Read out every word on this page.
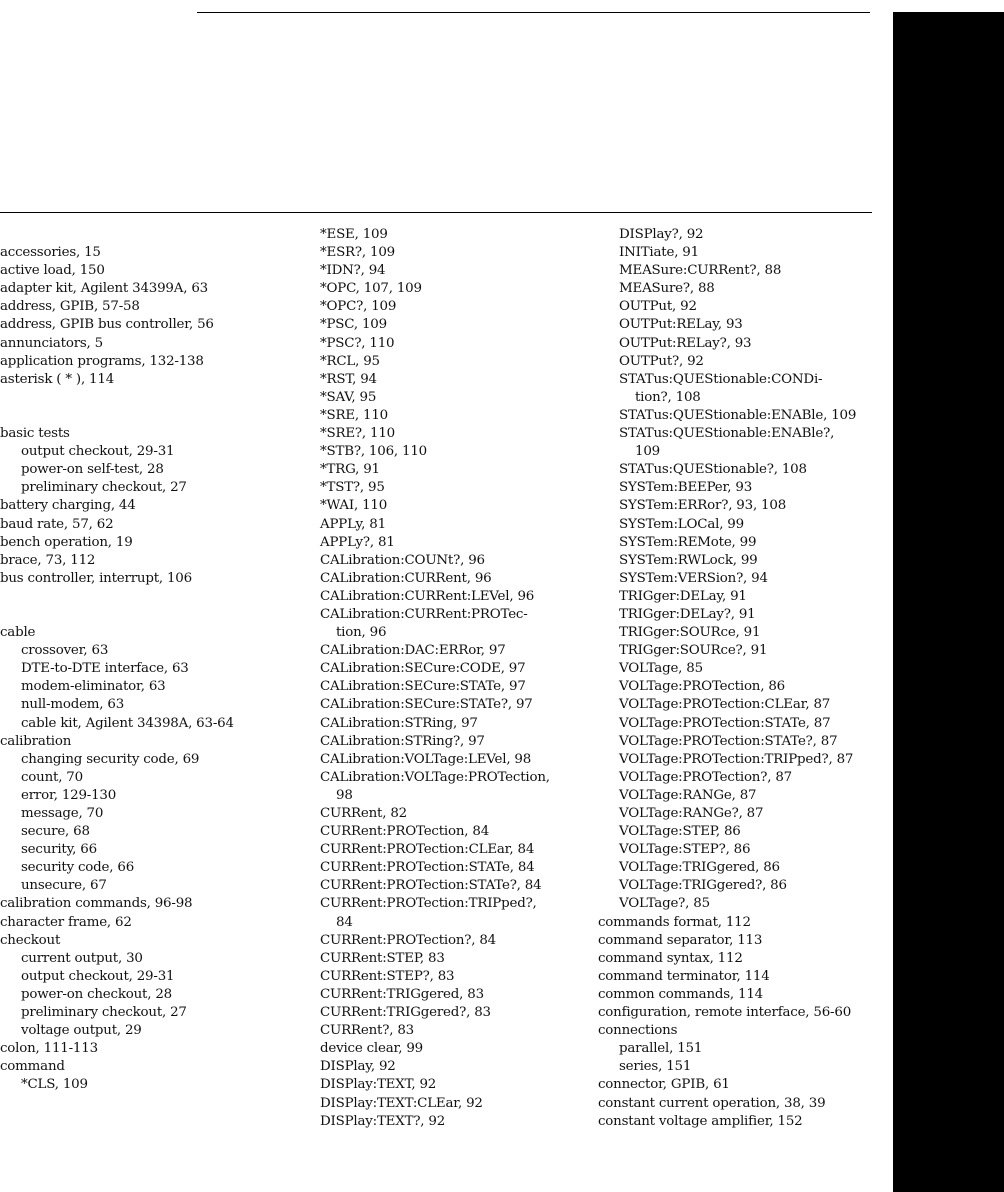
accessories, 15
active load, 150
adapter kit, Agilent 34399A, 63
address, GPIB, 57-58
address, GPIB bus controller, 56
annunciators, 5
application programs, 132-138
asterisk ( * ), 114
basic tests
output checkout, 29-31
power-on self-test, 28
preliminary checkout, 27
battery charging, 44
baud rate, 57, 62
bench operation, 19
brace, 73, 112
bus controller, interrupt, 106
cable
crossover, 63
DTE-to-DTE interface, 63
modem-eliminator, 63
null-modem, 63
cable kit, Agilent 34398A, 63-64
calibration
changing security code, 69
count, 70
error, 129-130
message, 70
secure, 68
security, 66
security code, 66
unsecure, 67
calibration commands, 96-98
character frame, 62
checkout
current output, 30
output checkout, 29-31
power-on checkout, 28
preliminary checkout, 27
voltage output, 29
colon, 111-113
command
*CLS, 109
*ESE, 109
*ESR?, 109
*IDN?, 94
*OPC, 107, 109
*OPC?, 109
*PSC, 109
*PSC?, 110
*RCL, 95
*RST, 94
*SAV, 95
*SRE, 110
*SRE?, 110
*STB?, 106, 110
*TRG, 91
*TST?, 95
*WAI, 110
APPLy, 81
APPLy?, 81
CALibration:COUNt?, 96
CALibration:CURRent, 96
CALibration:CURRent:LEVel, 96
CALibration:CURRent:PROTec-
tion, 96
CALibration:DAC:ERRor, 97
CALibration:SECure:CODE, 97
CALibration:SECure:STATe, 97
CALibration:SECure:STATe?, 97
CALibration:STRing, 97
CALibration:STRing?, 97
CALibration:VOLTage:LEVel, 98
CALibration:VOLTage:PROTection,
98
CURRent, 82
CURRent:PROTection, 84
CURRent:PROTection:CLEar, 84
CURRent:PROTection:STATe, 84
CURRent:PROTection:STATe?, 84
CURRent:PROTection:TRIPped?,
84
CURRent:PROTection?, 84
CURRent:STEP, 83
CURRent:STEP?, 83
CURRent:TRIGgered, 83
CURRent:TRIGgered?, 83
CURRent?, 83
device clear, 99
DISPlay, 92
DISPlay:TEXT, 92
DISPlay:TEXT:CLEar, 92
DISPlay:TEXT?, 92
DISPlay?, 92
INITiate, 91
MEASure:CURRent?, 88
MEASure?, 88
OUTPut, 92
OUTPut:RELay, 93
OUTPut:RELay?, 93
OUTPut?, 92
STATus:QUEStionable:CONDi-
tion?, 108
STATus:QUEStionable:ENABle, 109
STATus:QUEStionable:ENABle?,
109
STATus:QUEStionable?, 108
SYSTem:BEEPer, 93
SYSTem:ERRor?, 93, 108
SYSTem:LOCal, 99
SYSTem:REMote, 99
SYSTem:RWLock, 99
SYSTem:VERSion?, 94
TRIGger:DELay, 91
TRIGger:DELay?, 91
TRIGger:SOURce, 91
TRIGger:SOURce?, 91
VOLTage, 85
VOLTage:PROTection, 86
VOLTage:PROTection:CLEar, 87
VOLTage:PROTection:STATe, 87
VOLTage:PROTection:STATe?, 87
VOLTage:PROTection:TRIPped?, 87
VOLTage:PROTection?, 87
VOLTage:RANGe, 87
VOLTage:RANGe?, 87
VOLTage:STEP, 86
VOLTage:STEP?, 86
VOLTage:TRIGgered, 86
VOLTage:TRIGgered?, 86
VOLTage?, 85
commands format, 112
command separator, 113
command syntax, 112
command terminator, 114
common commands, 114
configuration, remote interface, 56-60
connections
parallel, 151
series, 151
connector, GPIB, 61
constant current operation, 38, 39
constant voltage amplifier, 152
